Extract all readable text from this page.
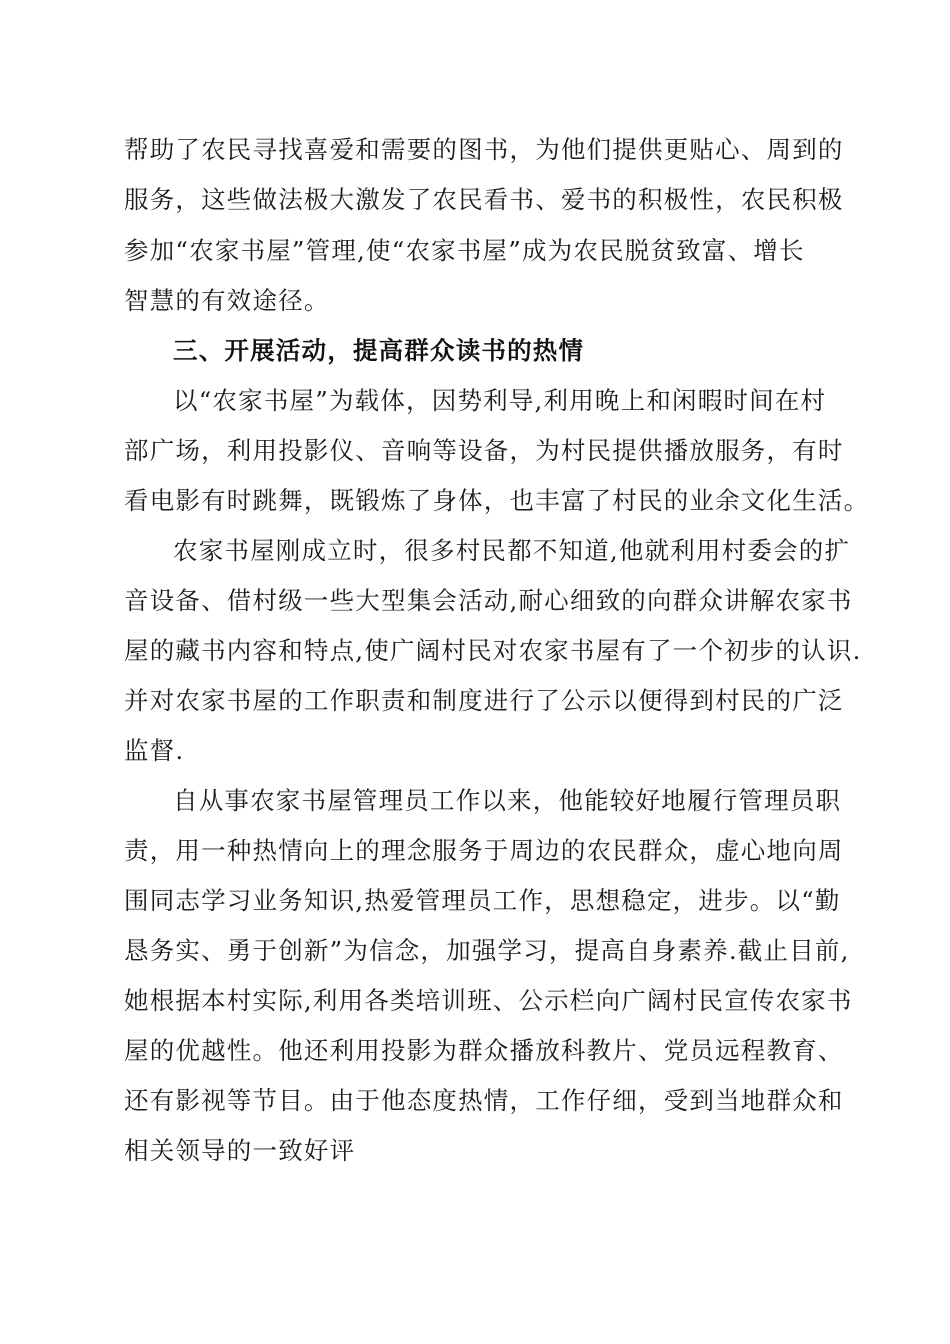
帮助了农民寻找喜爱和需要的图书，为他们提供更贴心、周到的
服务，这些做法极大激发了农民看书、爱书的积极性，农民积极
参加“农家书屋”管理,使“农家书屋”成为农民脱贫致富、增长
智慧的有效途径。
三、开展活动，提高群众读书的热情
以“农家书屋”为载体，因势利导,利用晚上和闲暇时间在村
部广场，利用投影仪、音响等设备，为村民提供播放服务，有时
看电影有时跳舞，既锻炼了身体，也丰富了村民的业余文化生活。
农家书屋刚成立时，很多村民都不知道,他就利用村委会的扩
音设备、借村级一些大型集会活动,耐心细致的向群众讲解农家书
屋的藏书内容和特点,使广阔村民对农家书屋有了一个初步的认识.
并对农家书屋的工作职责和制度进行了公示以便得到村民的广泛
监督.
自从事农家书屋管理员工作以来，他能较好地履行管理员职
责，用一种热情向上的理念服务于周边的农民群众，虚心地向周
围同志学习业务知识,热爱管理员工作，思想稳定，进步。以“勤
恳务实、勇于创新”为信念，加强学习，提高自身素养.截止目前,
她根据本村实际,利用各类培训班、公示栏向广阔村民宣传农家书
屋的优越性。他还利用投影为群众播放科教片、党员远程教育、
还有影视等节目。由于他态度热情，工作仔细，受到当地群众和
相关领导的一致好评
